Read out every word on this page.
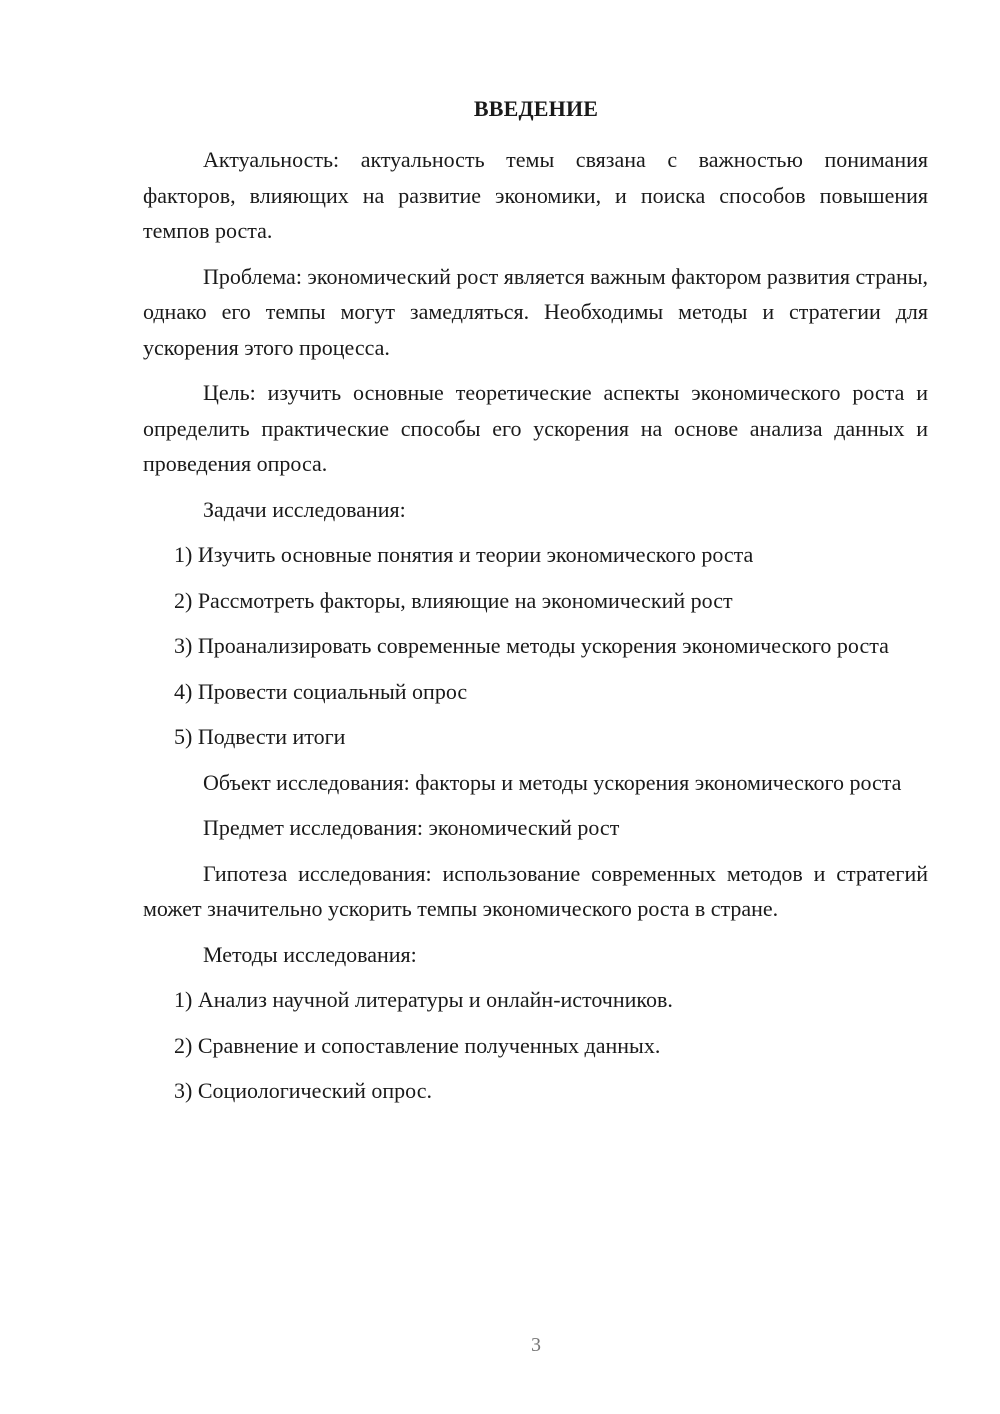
ВВЕДЕНИЕ

Актуальность: актуальность темы связана с важностью понимания факторов, влияющих на развитие экономики, и поиска способов повышения темпов роста.

Проблема: экономический рост является важным фактором развития страны, однако его темпы могут замедляться. Необходимы методы и стратегии для ускорения этого процесса.

Цель: изучить основные теоретические аспекты экономического роста и определить практические способы его ускорения на основе анализа данных и проведения опроса.

Задачи исследования:

1) Изучить основные понятия и теории экономического роста

2) Рассмотреть факторы, влияющие на экономический рост

3) Проанализировать современные методы ускорения экономического роста

4) Провести социальный опрос

5) Подвести итоги

Объект исследования: факторы и методы ускорения экономического роста

Предмет исследования: экономический рост

Гипотеза исследования: использование современных методов и стратегий может значительно ускорить темпы экономического роста в стране.

Методы исследования:

1) Анализ научной литературы и онлайн-источников.

2) Сравнение и сопоставление полученных данных.

3) Социологический опрос.

3
